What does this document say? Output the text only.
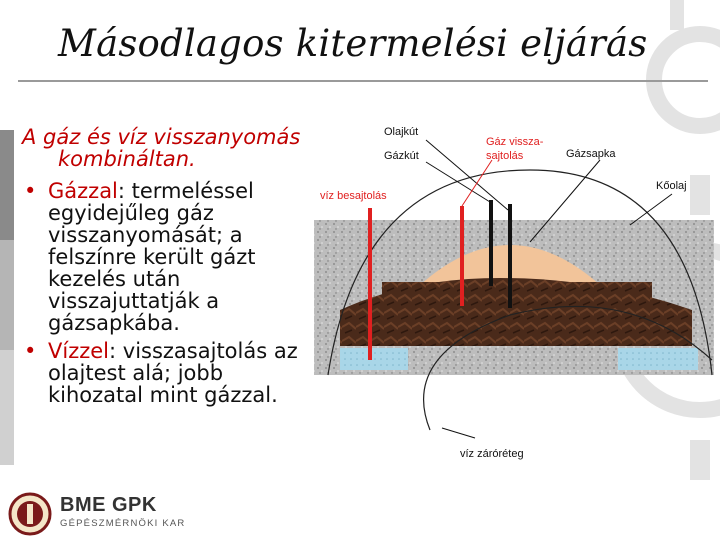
Másodlagos kitermelési eljárás
A gáz és víz visszanyomás
kombináltan.
• Gázzal: termeléssel egyidejűleg gáz visszanyomását; a felszínre került gázt kezelés után visszajuttatják a gázsapkába.
• Vízzel: visszasajtolás az olajtest alá; jobb kihozatal mint gázzal.
Olajkút
Gázkút
Gáz vissza-
sajtolás	Gázsapka
Kőolaj
víz besajtolás
víz záróréteg
BME GPK
GÉPÉSZMÉRNÖKI KAR
